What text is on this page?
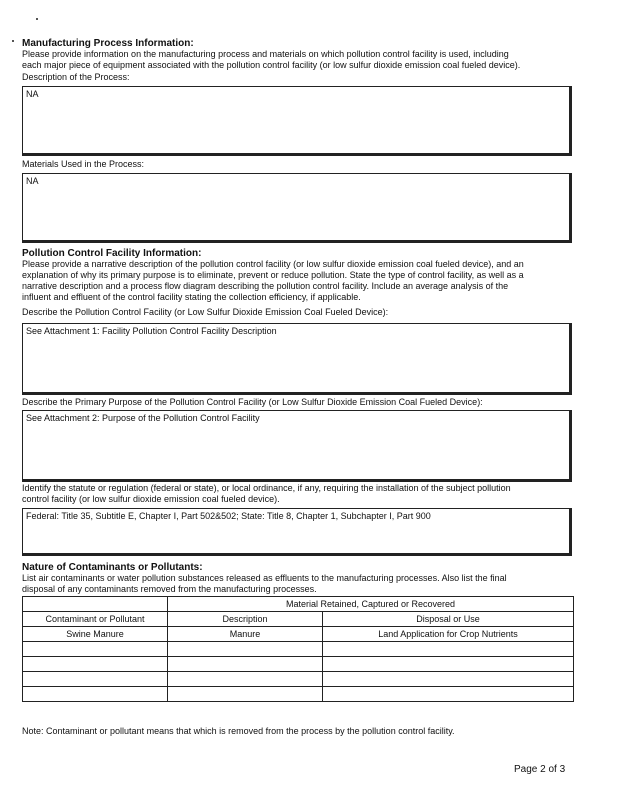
Manufacturing Process Information:
Please provide information on the manufacturing process and materials on which pollution control facility is used, including
each major piece of equipment associated with the pollution control facility (or low sulfur dioxide emission coal fueled device).
Description of the Process:
NA
Materials Used in the Process:
NA
Pollution Control Facility Information:
Please provide a narrative description of the pollution control facility (or low sulfur dioxide emission coal fueled device), and an
explanation of why its primary purpose is to eliminate, prevent or reduce pollution. State the type of control facility, as well as a
narrative description and a process flow diagram describing the pollution control facility. Include an average analysis of the
influent and effluent of the control facility stating the collection efficiency, if applicable.
Describe the Pollution Control Facility (or Low Sulfur Dioxide Emission Coal Fueled Device):
See Attachment 1: Facility Pollution Control Facility Description
Describe the Primary Purpose of the Pollution Control Facility (or Low Sulfur Dioxide Emission Coal Fueled Device):
See Attachment 2: Purpose of the Pollution Control Facility
Identify the statute or regulation (federal or state), or local ordinance, if any, requiring the installation of the subject pollution
control facility (or low sulfur dioxide emission coal fueled device).
Federal: Title 35, Subtitle E, Chapter I, Part 502&502; State: Title 8, Chapter 1, Subchapter I, Part 900
Nature of Contaminants or Pollutants:
List air contaminants or water pollution substances released as effluents to the manufacturing processes. Also list the final
disposal of any contaminants removed from the manufacturing processes.
	Material Retained, Captured or Recovered	
Contaminant or Pollutant	Description	Disposal or Use
Swine Manure	Manure	Land Application for Crop Nutrients

Note: Contaminant or pollutant means that which is removed from the process by the pollution control facility.
Page 2 of 3
